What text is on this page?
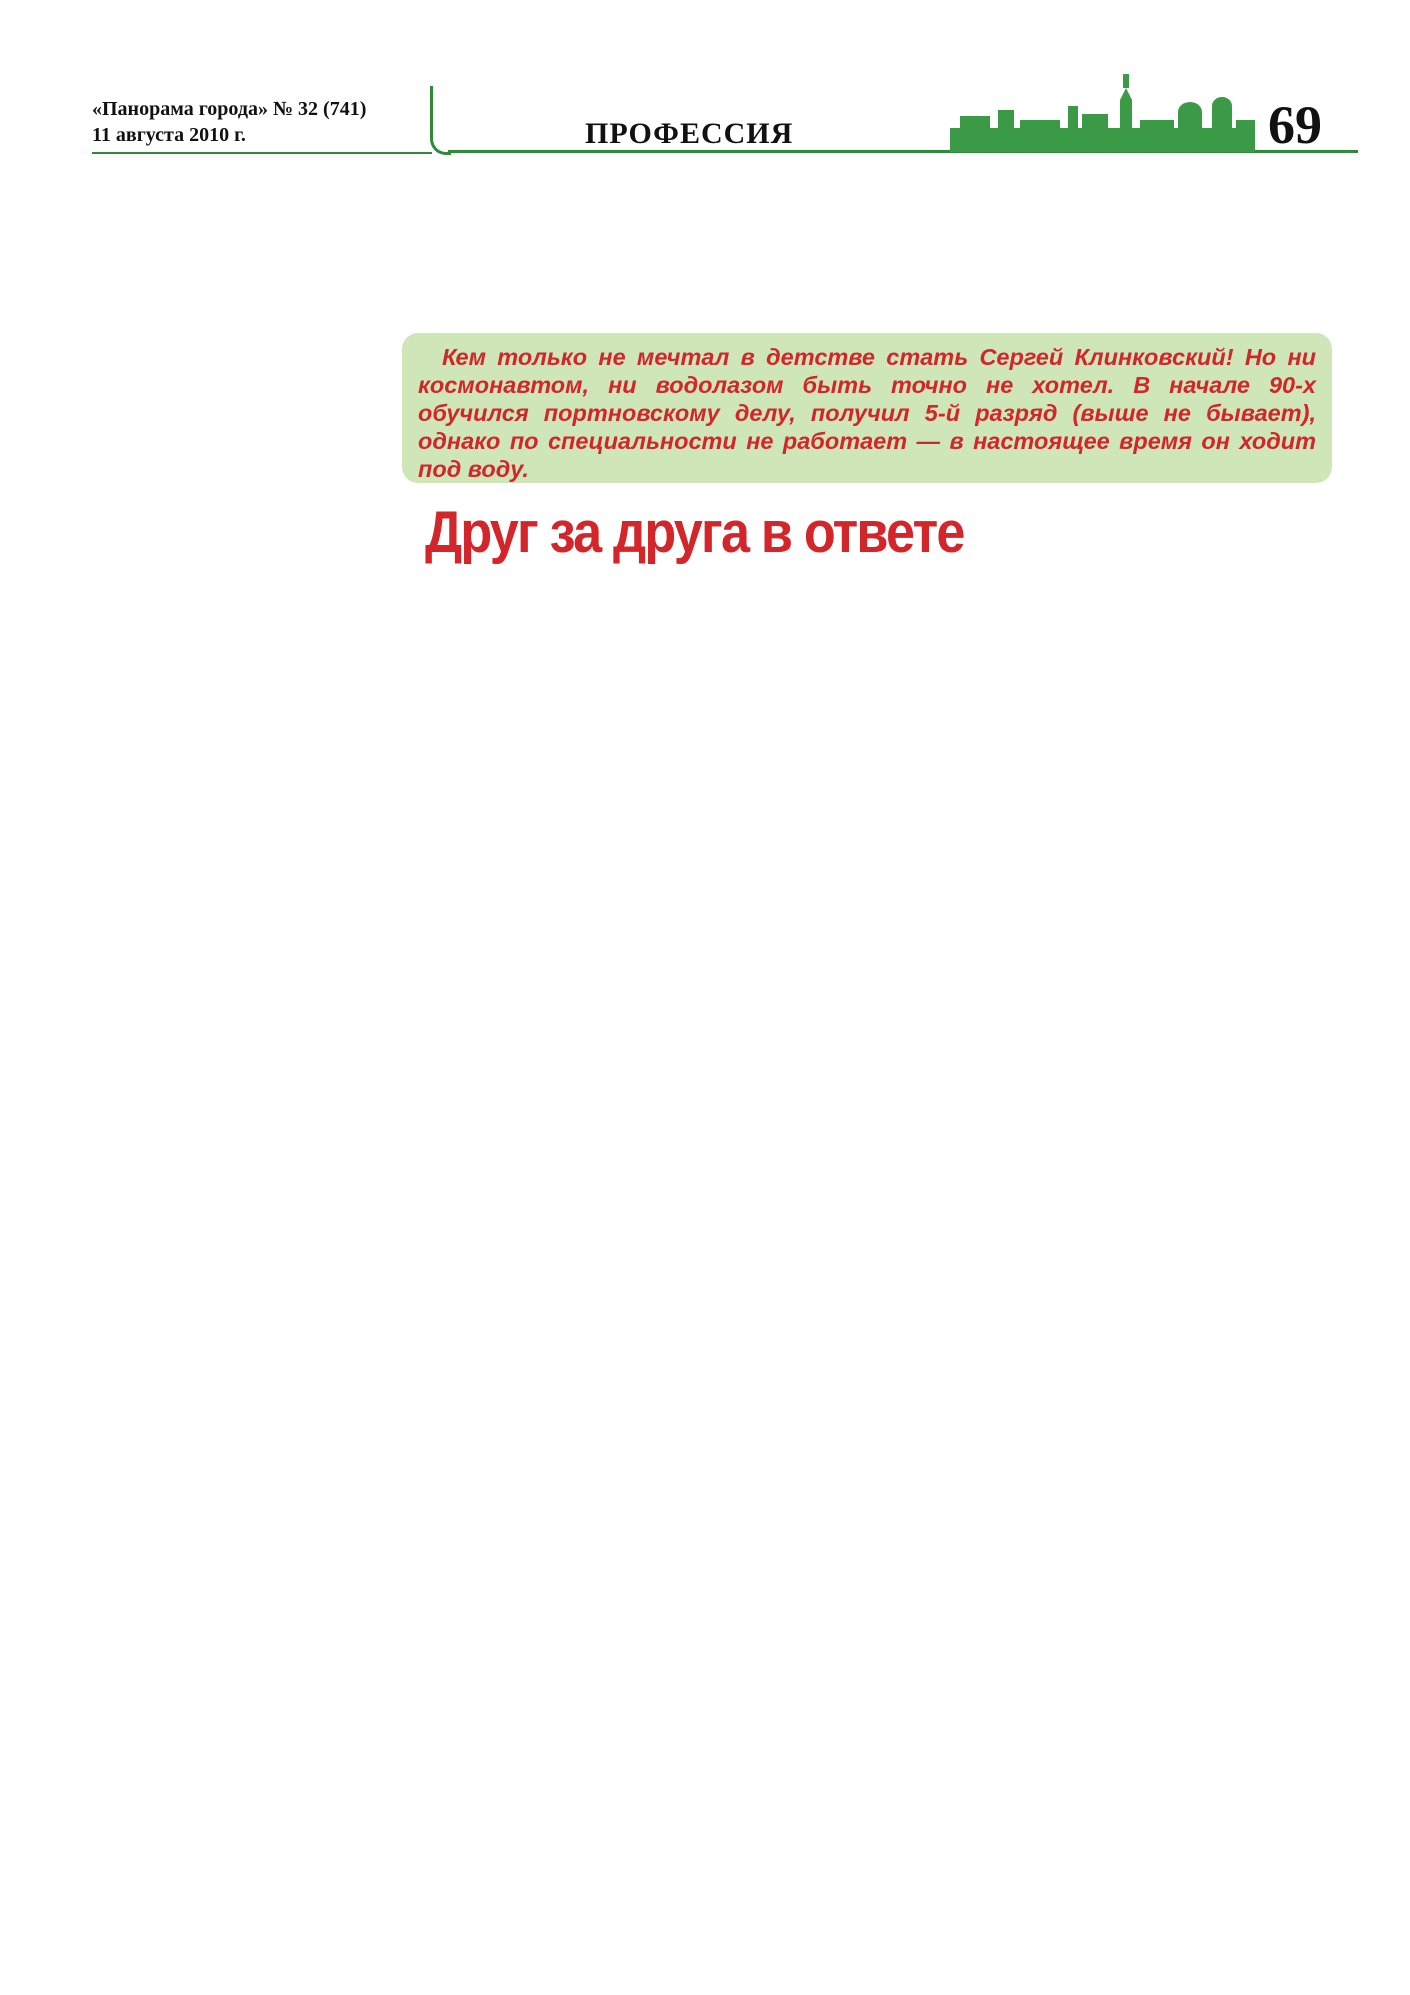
«Панорама города» № 32 (741)
11 августа 2010 г.	ПРОФЕССИЯ	69

Кем только не мечтал в детстве стать Сергей Клинковский! Но ни космонавтом, ни водолазом быть точно не хотел. В начале 90-х обучился портновскому делу, получил 5-й разряд (выше не бывает), однако по специальности не работает — в настоящее время он ходит под воду.

Друг за друга в ответе
